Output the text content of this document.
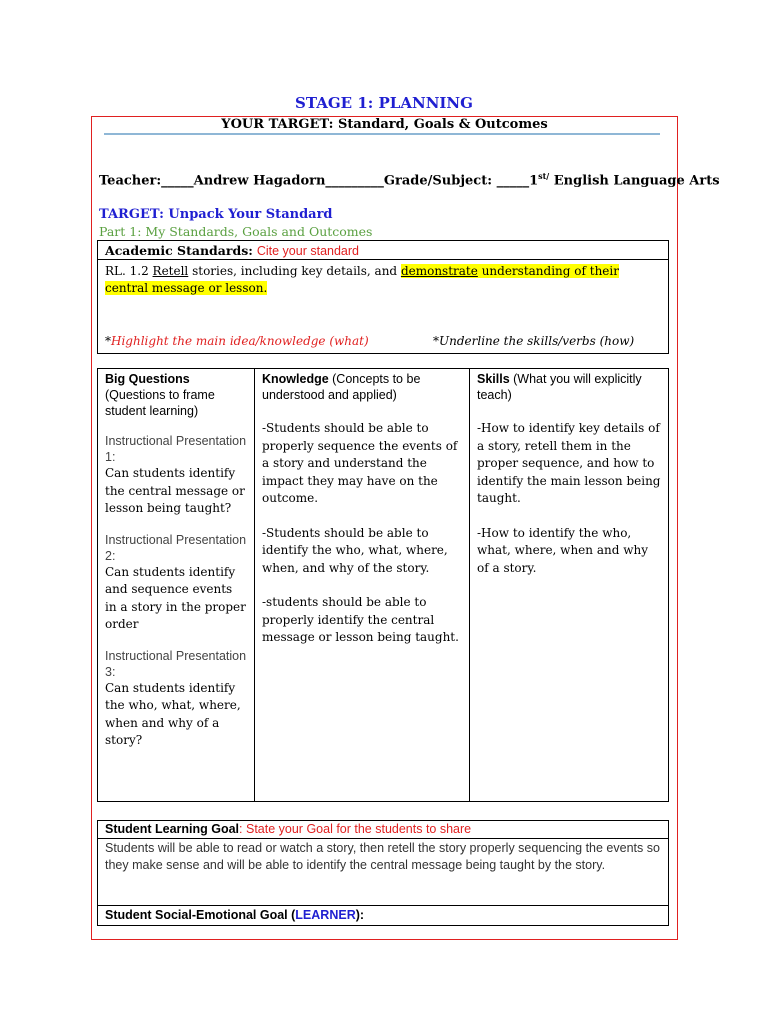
STAGE 1: PLANNING
YOUR TARGET: Standard, Goals & Outcomes
Teacher:_____Andrew Hagadorn_________Grade/Subject: $\_\_\_\_\_1^{st/}$ English Language Arts
TARGET: Unpack Your Standard
Part 1: My Standards, Goals and Outcomes
Academic Standards: Cite your standard
RL. 1.2 Retell stories, including key details, and demonstrate understanding of their central message or lesson.
*Highlight the main idea/knowledge (what)	*Underline the skills/verbs (how)
Big Questions
(Questions to frame student learning)
Instructional Presentation 1:
Can students identify the central message or lesson being taught?
Instructional Presentation 2:
Can students identify and sequence events in a story in the proper order
Instructional Presentation 3:
Can students identify the who, what, where, when and why of a story?
Knowledge (Concepts to be understood and applied)
-Students should be able to properly sequence the events of a story and understand the impact they may have on the outcome.
-Students should be able to identify the who, what, where, when, and why of the story.
-students should be able to properly identify the central message or lesson being taught.
Skills (What you will explicitly teach)
-How to identify key details of a story, retell them in the proper sequence, and how to identify the main lesson being taught.
-How to identify the who, what, where, when and why of a story.
Student Learning Goal: State your Goal for the students to share
Students will be able to read or watch a story, then retell the story properly sequencing the events so they make sense and will be able to identify the central message being taught by the story.
Student Social-Emotional Goal (LEARNER):
